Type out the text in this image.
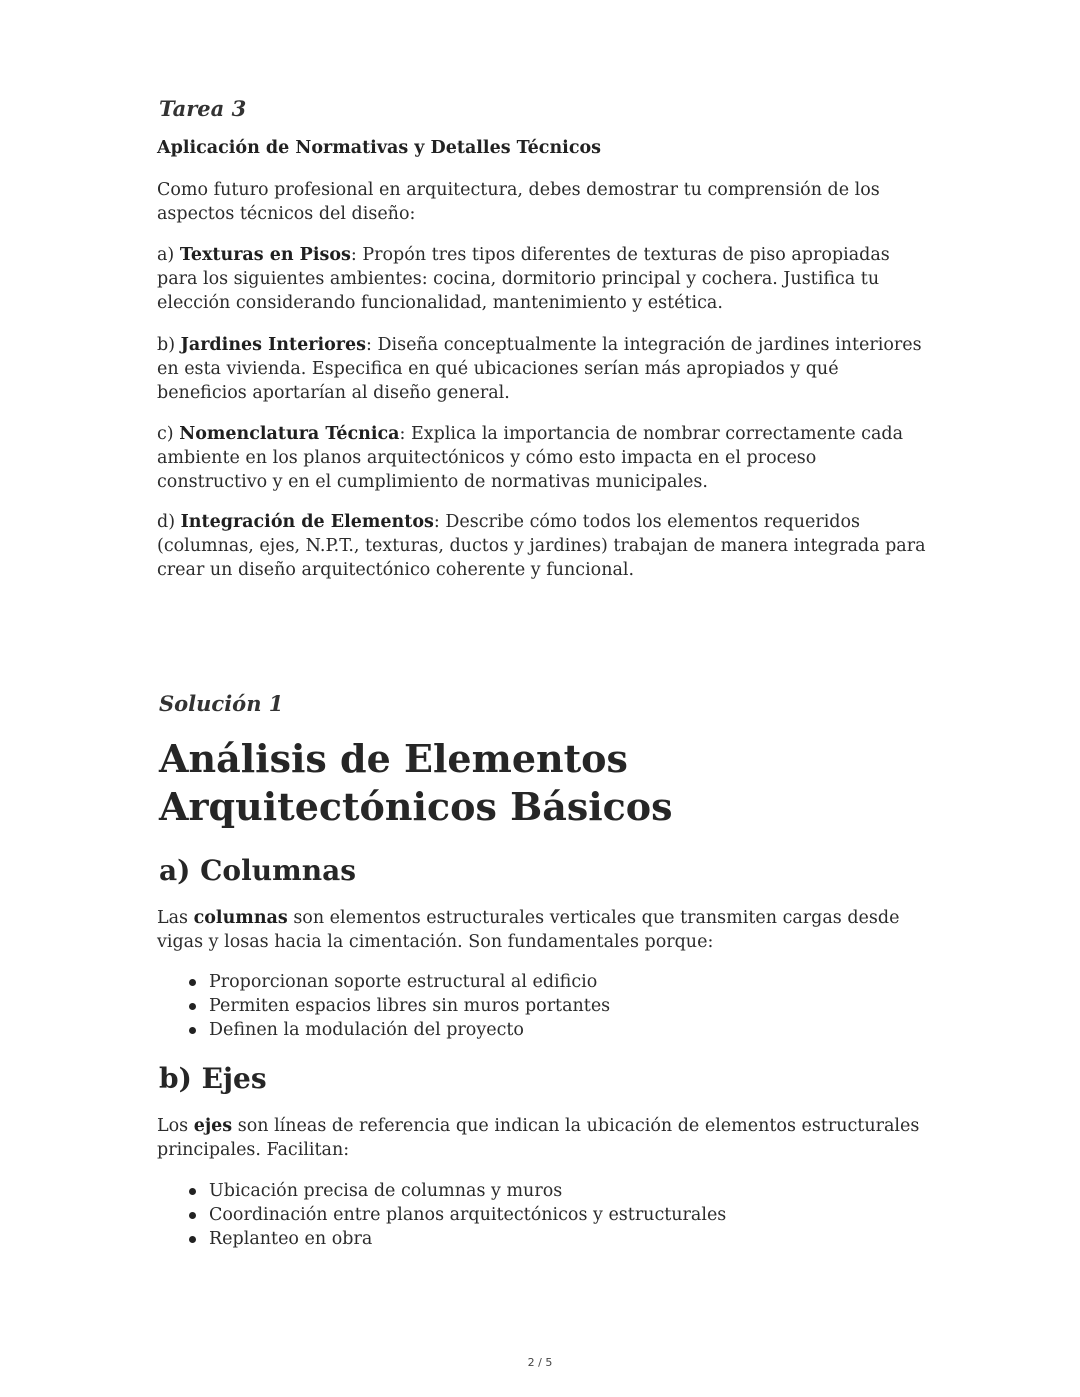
Tarea 3

Aplicación de Normativas y Detalles Técnicos

Como futuro profesional en arquitectura, debes demostrar tu comprensión de los aspectos técnicos del diseño:

a) Texturas en Pisos: Propón tres tipos diferentes de texturas de piso apropiadas para los siguientes ambientes: cocina, dormitorio principal y cochera. Justifica tu elección considerando funcionalidad, mantenimiento y estética.

b) Jardines Interiores: Diseña conceptualmente la integración de jardines interiores en esta vivienda. Especifica en qué ubicaciones serían más apropiados y qué beneficios aportarían al diseño general.

c) Nomenclatura Técnica: Explica la importancia de nombrar correctamente cada ambiente en los planos arquitectónicos y cómo esto impacta en el proceso constructivo y en el cumplimiento de normativas municipales.

d) Integración de Elementos: Describe cómo todos los elementos requeridos (columnas, ejes, N.P.T., texturas, ductos y jardines) trabajan de manera integrada para crear un diseño arquitectónico coherente y funcional.

Solución 1

Análisis de Elementos Arquitectónicos Básicos
a) Columnas

Las columnas son elementos estructurales verticales que transmiten cargas desde vigas y losas hacia la cimentación. Son fundamentales porque:

Proporcionan soporte estructural al edificio
Permiten espacios libres sin muros portantes
Definen la modulación del proyecto
b) Ejes

Los ejes son líneas de referencia que indican la ubicación de elementos estructurales principales. Facilitan:

Ubicación precisa de columnas y muros
Coordinación entre planos arquitectónicos y estructurales
Replanteo en obra
2 / 5
